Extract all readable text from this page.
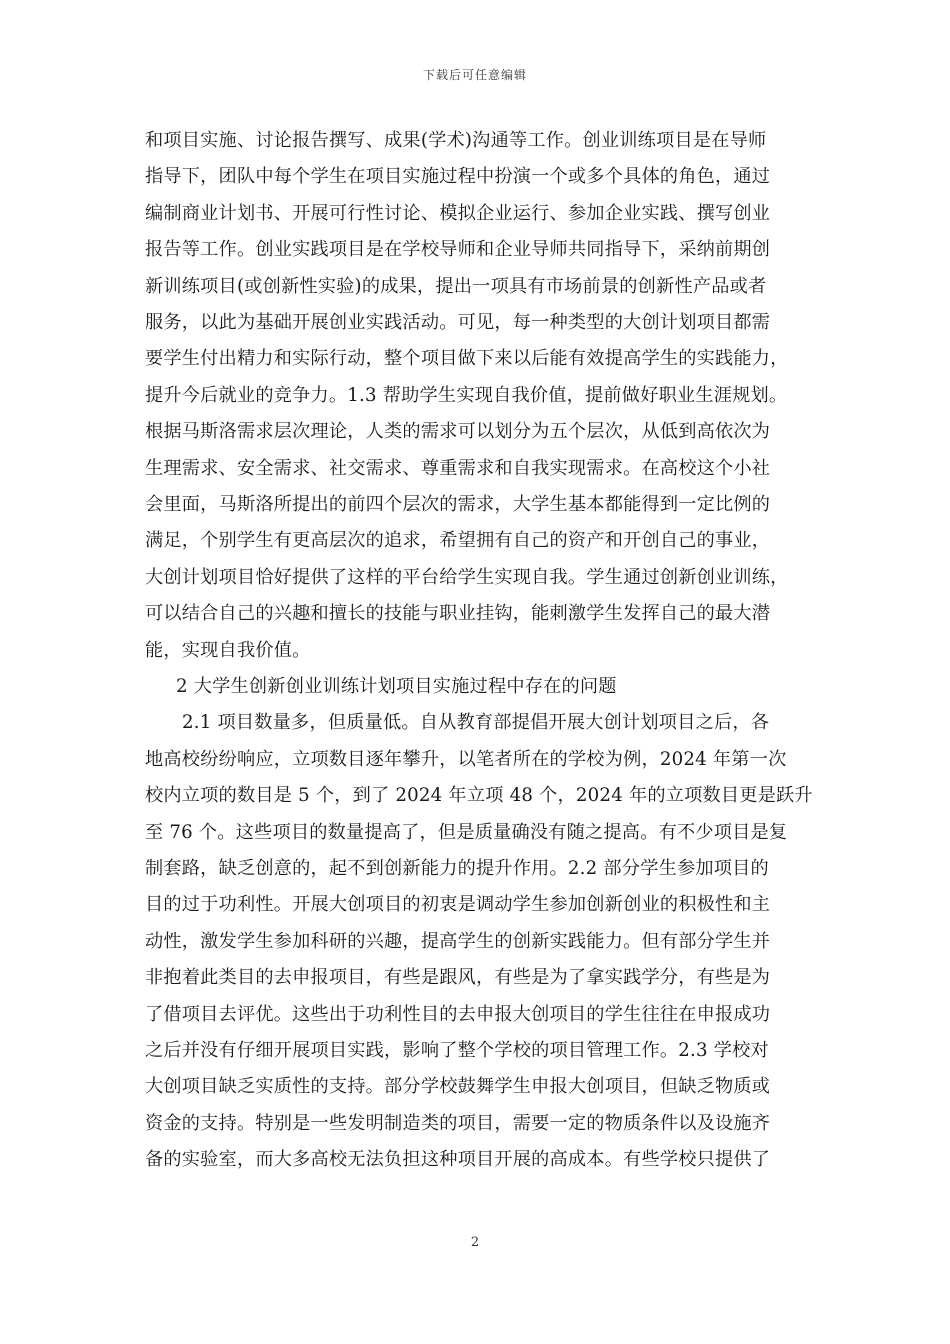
下载后可任意编辑
和项目实施、讨论报告撰写、成果(学术)沟通等工作。创业训练项目是在导师
指导下，团队中每个学生在项目实施过程中扮演一个或多个具体的角色，通过
编制商业计划书、开展可行性讨论、模拟企业运行、参加企业实践、撰写创业
报告等工作。创业实践项目是在学校导师和企业导师共同指导下，采纳前期创
新训练项目(或创新性实验)的成果，提出一项具有市场前景的创新性产品或者
服务，以此为基础开展创业实践活动。可见，每一种类型的大创计划项目都需
要学生付出精力和实际行动，整个项目做下来以后能有效提高学生的实践能力，
提升今后就业的竞争力。1.3 帮助学生实现自我价值，提前做好职业生涯规划。
根据马斯洛需求层次理论，人类的需求可以划分为五个层次，从低到高依次为
生理需求、安全需求、社交需求、尊重需求和自我实现需求。在高校这个小社
会里面，马斯洛所提出的前四个层次的需求，大学生基本都能得到一定比例的
满足，个别学生有更高层次的追求，希望拥有自己的资产和开创自己的事业，
大创计划项目恰好提供了这样的平台给学生实现自我。学生通过创新创业训练，
可以结合自己的兴趣和擅长的技能与职业挂钩，能刺激学生发挥自己的最大潜
能，实现自我价值。
2 大学生创新创业训练计划项目实施过程中存在的问题
2.1 项目数量多，但质量低。自从教育部提倡开展大创计划项目之后，各
地高校纷纷响应，立项数目逐年攀升，以笔者所在的学校为例，2024 年第一次
校内立项的数目是 5 个，到了 2024 年立项 48 个，2024 年的立项数目更是跃升
至 76 个。这些项目的数量提高了，但是质量确没有随之提高。有不少项目是复
制套路，缺乏创意的，起不到创新能力的提升作用。2.2 部分学生参加项目的
目的过于功利性。开展大创项目的初衷是调动学生参加创新创业的积极性和主
动性，激发学生参加科研的兴趣，提高学生的创新实践能力。但有部分学生并
非抱着此类目的去申报项目，有些是跟风，有些是为了拿实践学分，有些是为
了借项目去评优。这些出于功利性目的去申报大创项目的学生往往在申报成功
之后并没有仔细开展项目实践，影响了整个学校的项目管理工作。2.3 学校对
大创项目缺乏实质性的支持。部分学校鼓舞学生申报大创项目，但缺乏物质或
资金的支持。特别是一些发明制造类的项目，需要一定的物质条件以及设施齐
备的实验室，而大多高校无法负担这种项目开展的高成本。有些学校只提供了
2
